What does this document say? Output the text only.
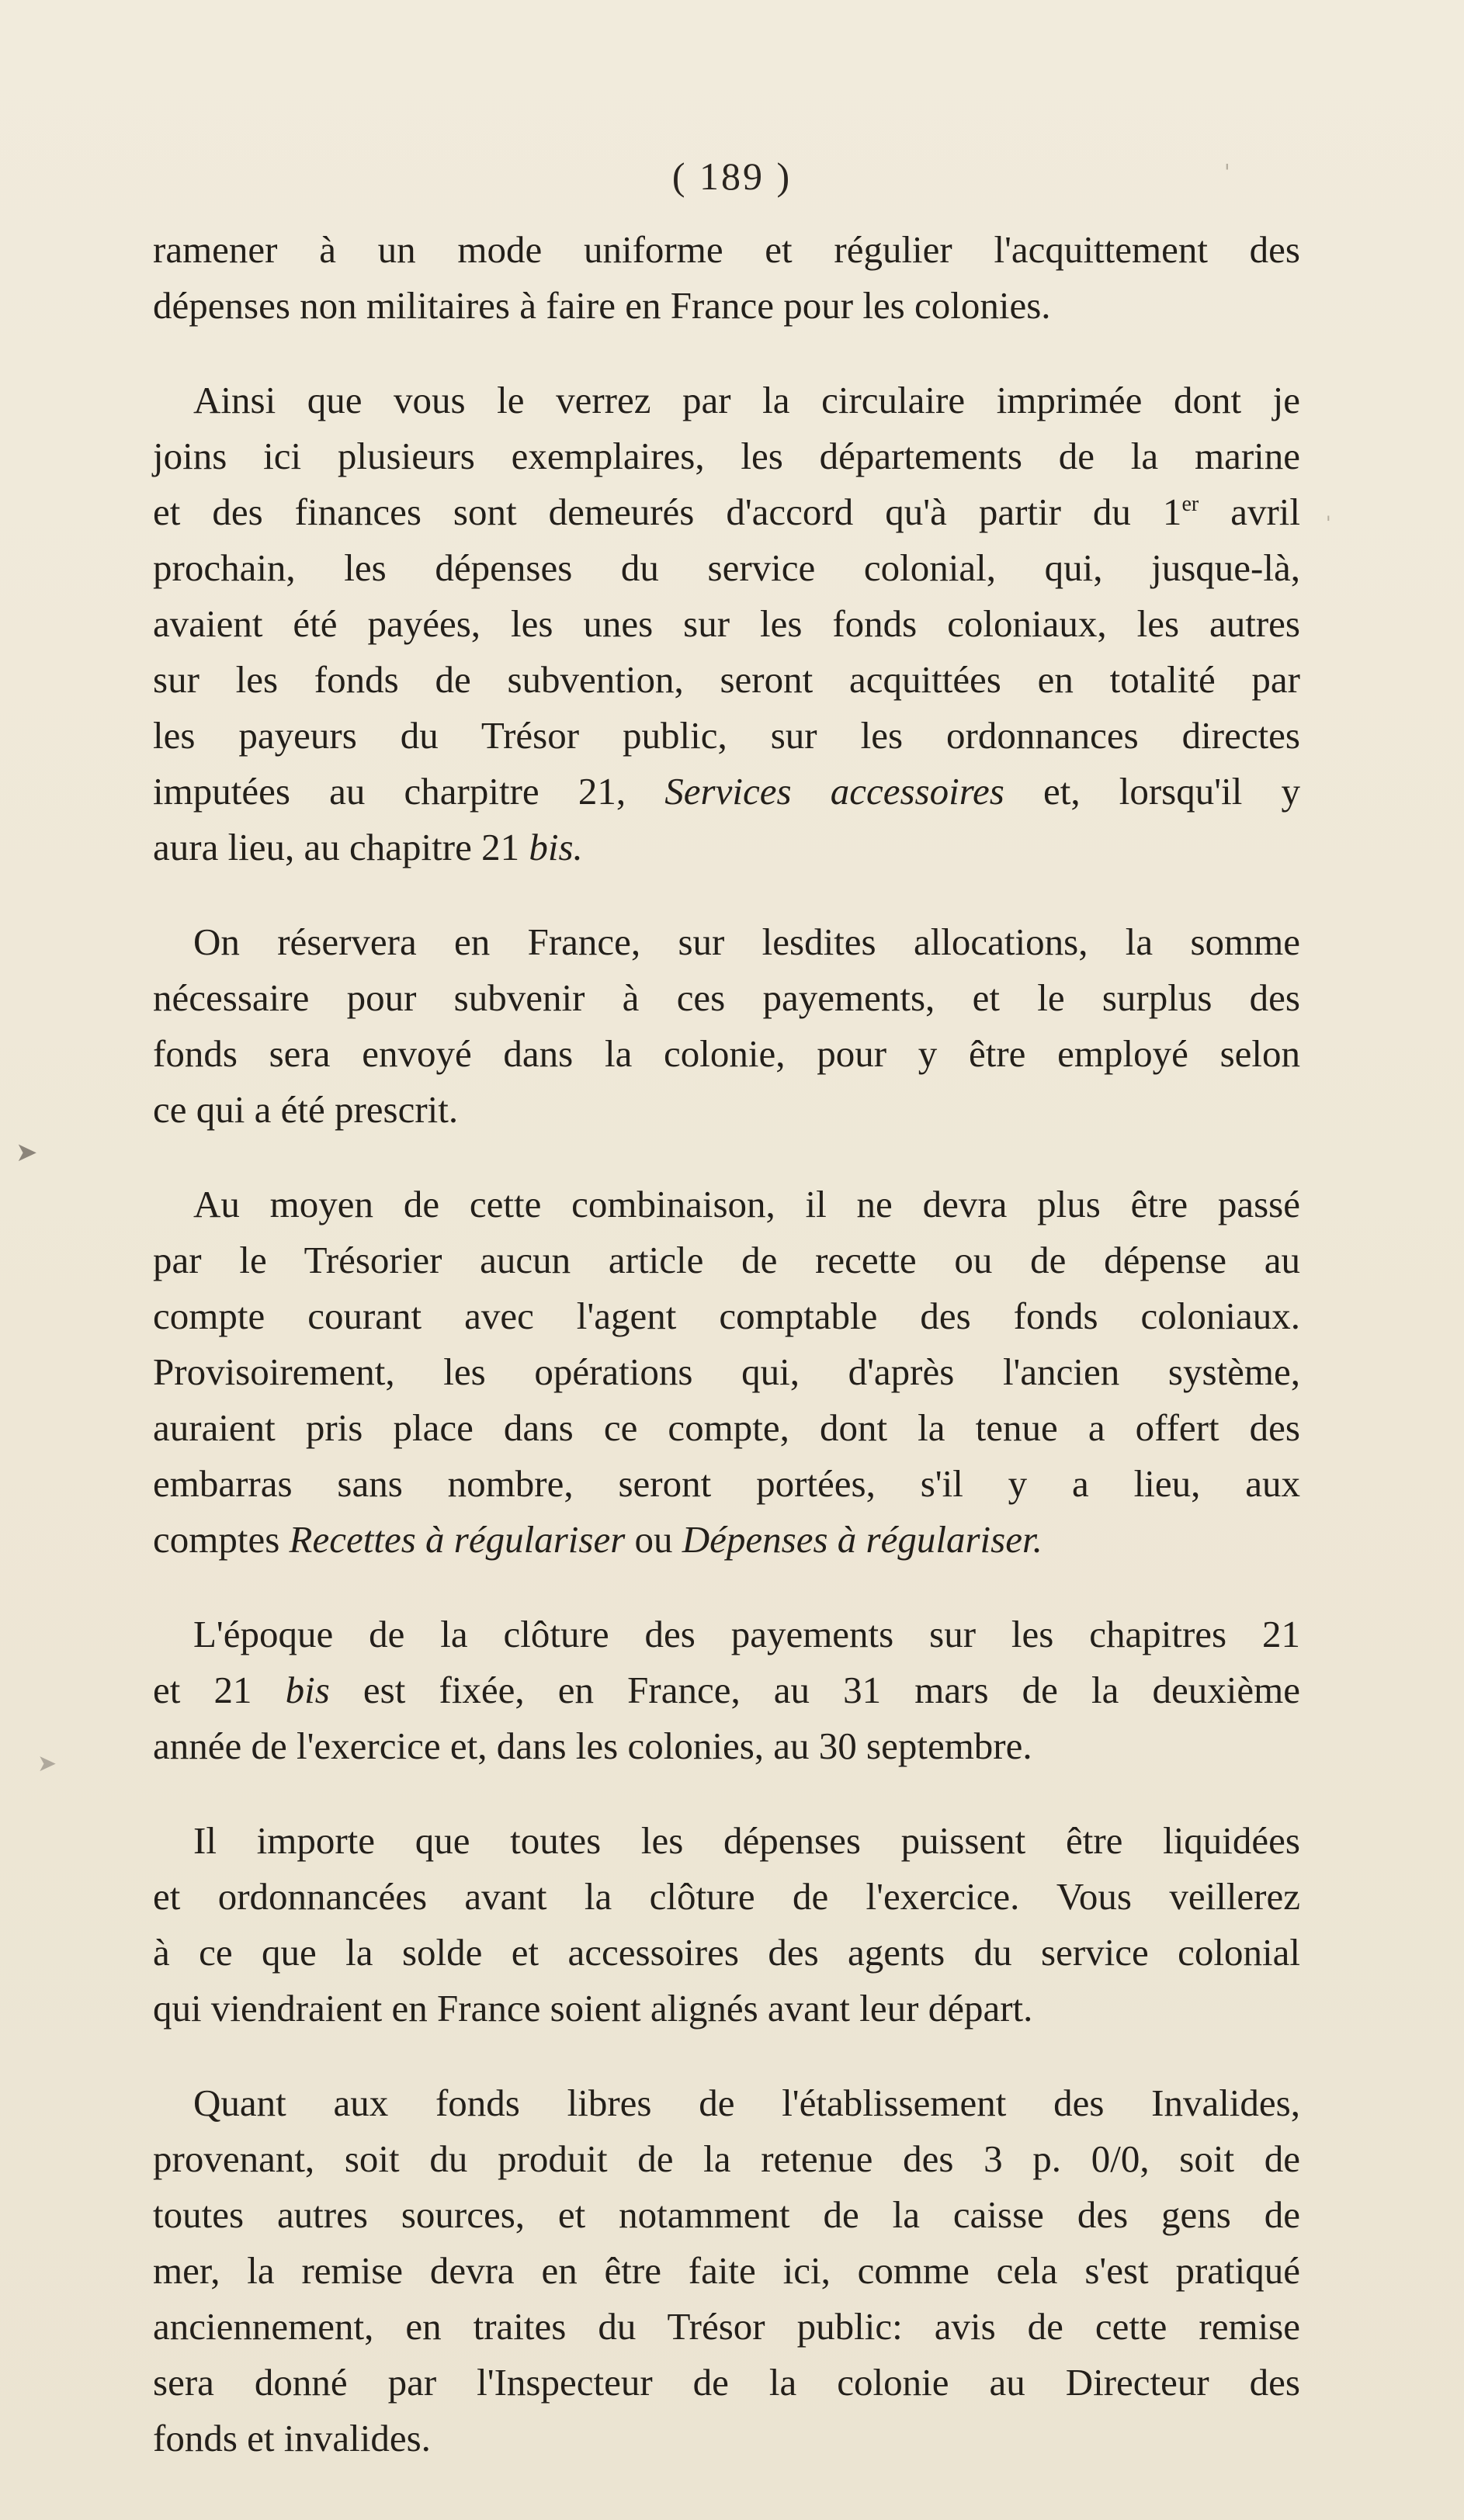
( 189 )
➤
➤
'
'
ramener à un mode uniforme et régulier l'acquittement des
dépenses non militaires à faire en France pour les colonies.
Ainsi que vous le verrez par la circulaire imprimée dont je
joins ici plusieurs exemplaires, les départements de la marine
et des finances sont demeurés d'accord qu'à partir du 1er avril
prochain, les dépenses du service colonial, qui, jusque-là,
avaient été payées, les unes sur les fonds coloniaux, les autres
sur les fonds de subvention, seront acquittées en totalité par
les payeurs du Trésor public, sur les ordonnances directes
imputées au charpitre 21, Services accessoires et, lorsqu'il y
aura lieu, au chapitre 21 bis.
On réservera en France, sur lesdites allocations, la somme
nécessaire pour subvenir à ces payements, et le surplus des
fonds sera envoyé dans la colonie, pour y être employé selon
ce qui a été prescrit.
Au moyen de cette combinaison, il ne devra plus être passé
par le Trésorier aucun article de recette ou de dépense au
compte courant avec l'agent comptable des fonds coloniaux.
Provisoirement, les opérations qui, d'après l'ancien système,
auraient pris place dans ce compte, dont la tenue a offert des
embarras sans nombre, seront portées, s'il y a lieu, aux
comptes Recettes à régulariser ou Dépenses à régulariser.
L'époque de la clôture des payements sur les chapitres 21
et 21 bis est fixée, en France, au 31 mars de la deuxième
année de l'exercice et, dans les colonies, au 30 septembre.
Il importe que toutes les dépenses puissent être liquidées
et ordonnancées avant la clôture de l'exercice. Vous veillerez
à ce que la solde et accessoires des agents du service colonial
qui viendraient en France soient alignés avant leur départ.
Quant aux fonds libres de l'établissement des Invalides,
provenant, soit du produit de la retenue des 3 p. 0/0, soit de
toutes autres sources, et notamment de la caisse des gens de
mer, la remise devra en être faite ici, comme cela s'est pratiqué
anciennement, en traites du Trésor public: avis de cette remise
sera donné par l'Inspecteur de la colonie au Directeur des
fonds et invalides.
